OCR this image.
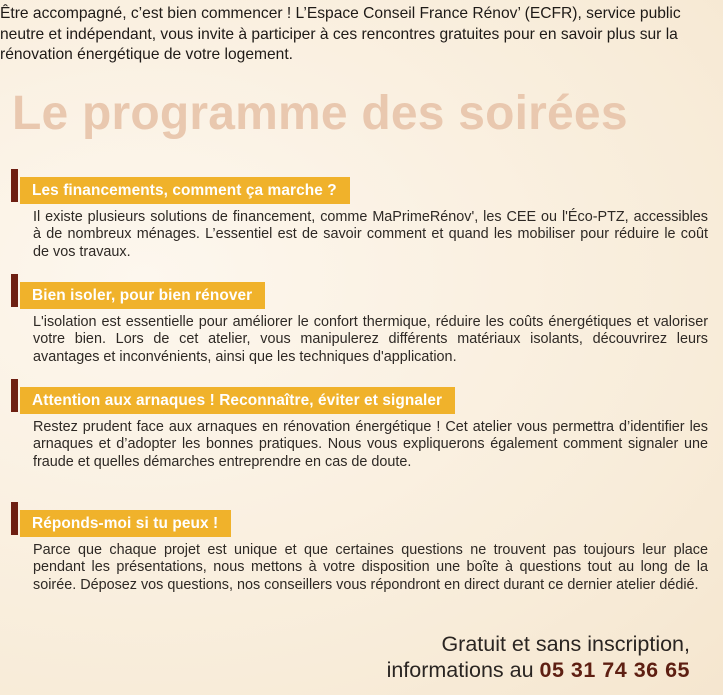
Être accompagné, c’est bien commencer ! L’Espace Conseil France Rénov’ (ECFR), service public neutre et indépendant, vous invite à participer à ces rencontres gratuites pour en savoir plus sur la rénovation énergétique de votre logement.
Le programme des soirées
Les financements, comment ça marche ?
Il existe plusieurs solutions de financement, comme MaPrimeRénov', les CEE ou l'Éco-PTZ, accessibles à de nombreux ménages. L’essentiel est de savoir comment et quand les mobiliser pour réduire le coût de vos travaux.
Bien isoler, pour bien rénover
L'isolation est essentielle pour améliorer le confort thermique, réduire les coûts énergétiques et valoriser votre bien. Lors de cet atelier, vous manipulerez différents matériaux isolants, découvrirez leurs avantages et inconvénients, ainsi que les techniques d'application.
Attention aux arnaques ! Reconnaître, éviter et signaler
Restez prudent face aux arnaques en rénovation énergétique ! Cet atelier vous permettra d’identifier les arnaques et d’adopter les bonnes pratiques. Nous vous expliquerons également comment signaler une fraude et quelles démarches entreprendre en cas de doute.
Réponds-moi si tu peux !
Parce que chaque projet est unique et que certaines questions ne trouvent pas toujours leur place pendant les présentations, nous mettons à votre disposition une boîte à questions tout au long de la soirée. Déposez vos questions, nos conseillers vous répondront en direct durant ce dernier atelier dédié.
Gratuit et sans inscription,
informations au 05 31 74 36 65
